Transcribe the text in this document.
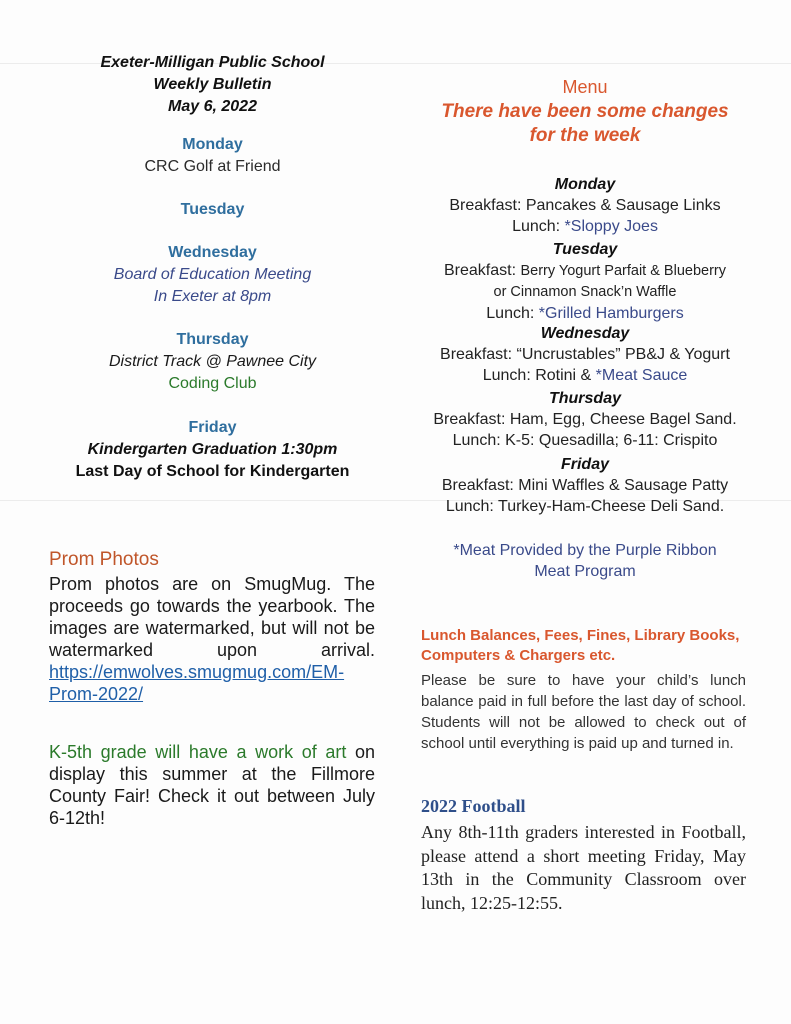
Exeter-Milligan Public School
Weekly Bulletin
May 6, 2022
Monday
CRC Golf at Friend
Tuesday
Wednesday
Board of Education Meeting
In Exeter at 8pm
Thursday
District Track @ Pawnee City
Coding Club
Friday
Kindergarten Graduation 1:30pm
Last Day of School for Kindergarten
Prom Photos
Prom photos are on SmugMug. The proceeds go towards the yearbook. The images are watermarked, but will not be watermarked upon arrival. https://emwolves.smugmug.com/EM-Prom-2022/
K-5th grade will have a work of art on display this summer at the Fillmore County Fair! Check it out between July 6-12th!
Menu
There have been some changes
for the week
Monday
Breakfast: Pancakes & Sausage Links
Lunch: *Sloppy Joes
Tuesday
Breakfast: Berry Yogurt Parfait & Blueberry
or Cinnamon Snack’n Waffle
Lunch: *Grilled Hamburgers
Wednesday
Breakfast: “Uncrustables” PB&J & Yogurt
Lunch: Rotini & *Meat Sauce
Thursday
Breakfast: Ham, Egg, Cheese Bagel Sand.
Lunch: K-5: Quesadilla; 6-11: Crispito
Friday
Breakfast: Mini Waffles & Sausage Patty
Lunch: Turkey-Ham-Cheese Deli Sand.
*Meat Provided by the Purple Ribbon
Meat Program
Lunch Balances, Fees, Fines, Library Books, Computers & Chargers etc.
Please be sure to have your child’s lunch balance paid in full before the last day of school. Students will not be allowed to check out of school until everything is paid up and turned in.
2022 Football
Any 8th-11th graders interested in Football, please attend a short meeting Friday, May 13th in the Community Classroom over lunch, 12:25-12:55.
